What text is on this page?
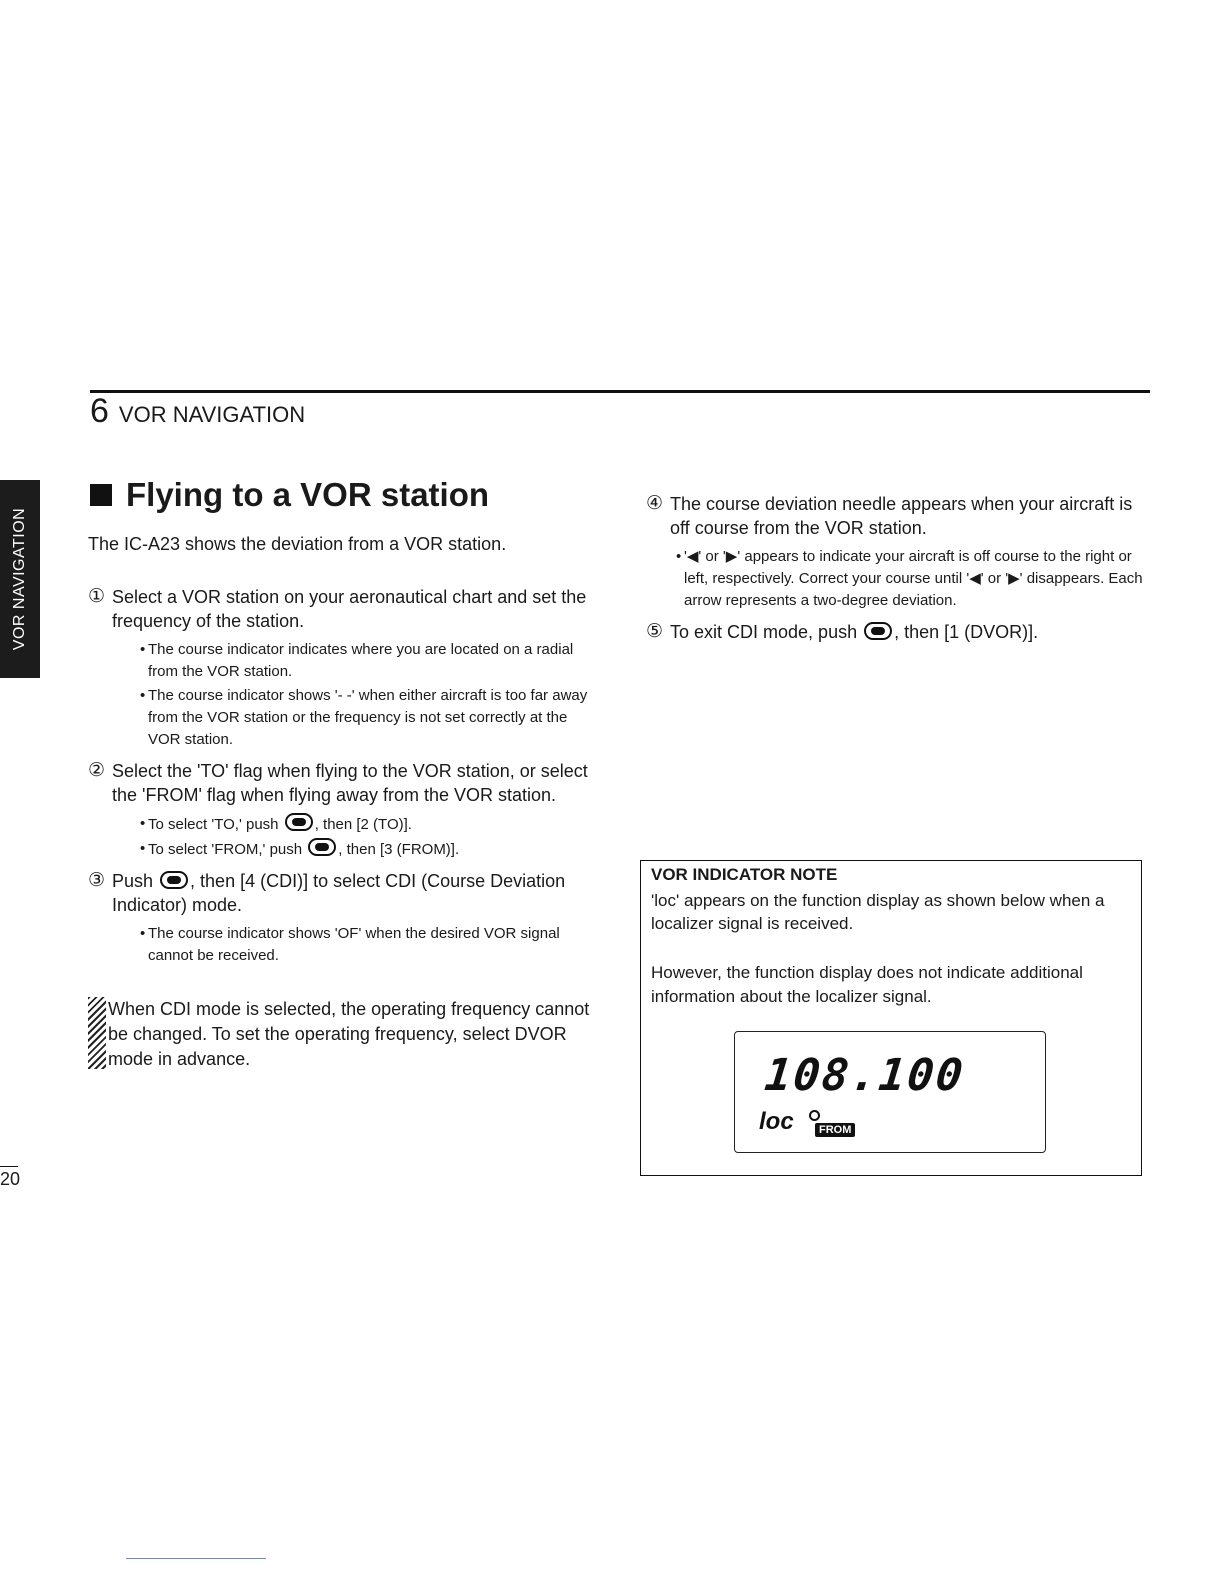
6 VOR NAVIGATION
VOR NAVIGATION
20
Flying to a VOR station

The IC-A23 shows the deviation from a VOR station.

① Select a VOR station on your aeronautical chart and set the frequency of the station.
• The course indicator indicates where you are located on a radial from the VOR station.
• The course indicator shows '- -' when either aircraft is too far away from the VOR station or the frequency is not set correctly at the VOR station.
② Select the 'TO' flag when flying to the VOR station, or select the 'FROM' flag when flying away from the VOR station.
• To select 'TO,' push , then [2 (TO)].
• To select 'FROM,' push , then [3 (FROM)].
③ Push , then [4 (CDI)] to select CDI (Course Deviation Indicator) mode.
• The course indicator shows 'OF' when the desired VOR signal cannot be received.
When CDI mode is selected, the operating frequency cannot be changed. To set the operating frequency, select DVOR mode in advance.
④ The course deviation needle appears when your aircraft is off course from the VOR station.
• '◀' or '▶' appears to indicate your aircraft is off course to the right or left, respectively. Correct your course until '◀' or '▶' disappears. Each arrow represents a two-degree deviation.
⑤ To exit CDI mode, push , then [1 (DVOR)].
VOR INDICATOR NOTE
'loc' appears on the function display as shown below when a localizer signal is received.
However, the function display does not indicate additional information about the localizer signal.
108.100
loc	FROM
